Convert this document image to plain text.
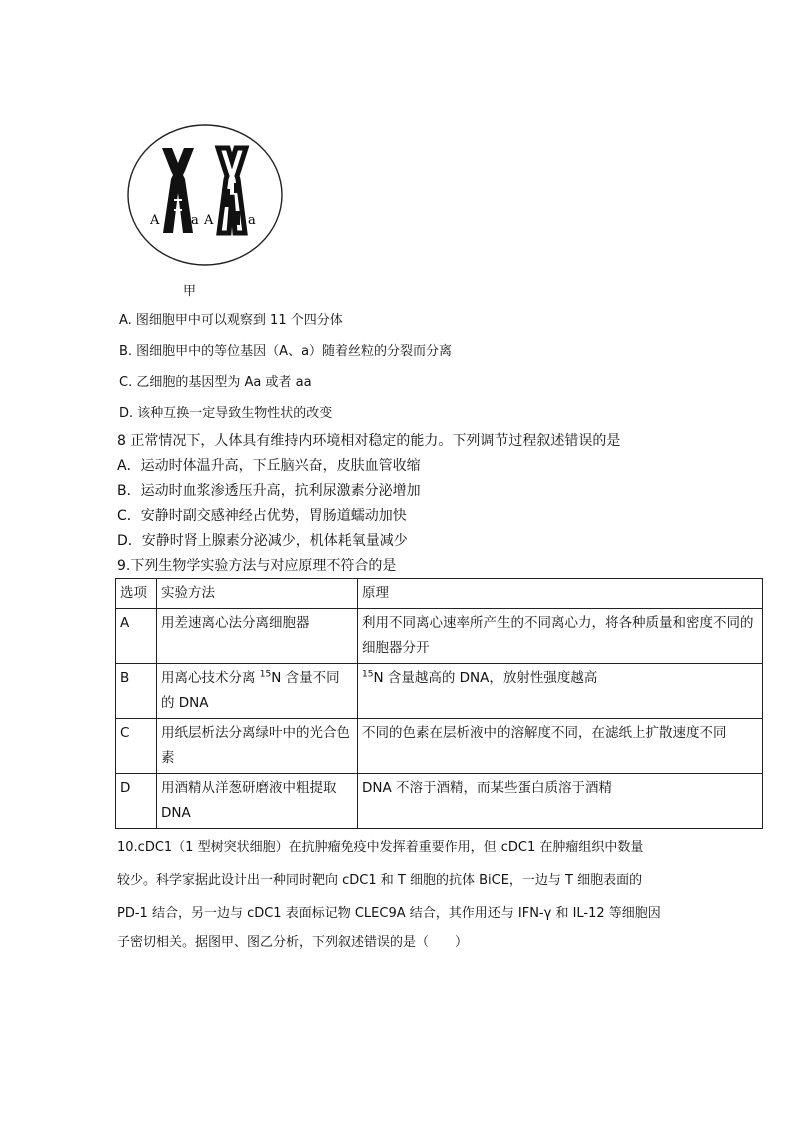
A a A	a
甲
A. 图细胞甲中可以观察到 11 个四分体
B. 图细胞甲中的等位基因（A、a）随着丝粒的分裂而分离
C. 乙细胞的基因型为 Aa 或者 aa
D. 该种互换一定导致生物性状的改变
8 正常情况下，人体具有维持内环境相对稳定的能力。下列调节过程叙述错误的是
A．运动时体温升高，下丘脑兴奋，皮肤血管收缩
B．运动时血浆渗透压升高，抗利尿激素分泌增加
C．安静时副交感神经占优势，胃肠道蠕动加快
D．安静时肾上腺素分泌减少，机体耗氧量减少
9.下列生物学实验方法与对应原理不符合的是
选项	实验方法	原理
A	用差速离心法分离细胞器	利用不同离心速率所产生的不同离心力，将各种质量和密度不同的细胞器分开
B	用离心技术分离 $^{15}$N 含量不同的 DNA	$^{15}$N 含量越高的 DNA，放射性强度越高
C	用纸层析法分离绿叶中的光合色素	不同的色素在层析液中的溶解度不同，在滤纸上扩散速度不同
D	用酒精从洋葱研磨液中粗提取 DNA	DNA 不溶于酒精，而某些蛋白质溶于酒精
10.cDC1（1 型树突状细胞）在抗肿瘤免疫中发挥着重要作用，但 cDC1 在肿瘤组织中数量
较少。科学家据此设计出一种同时靶向 cDC1 和 T 细胞的抗体 BiCE，一边与 T 细胞表面的
PD-1 结合，另一边与 cDC1 表面标记物 CLEC9A 结合，其作用还与 IFN-γ 和 IL-12 等细胞因
子密切相关。据图甲、图乙分析，下列叙述错误的是（　　）
